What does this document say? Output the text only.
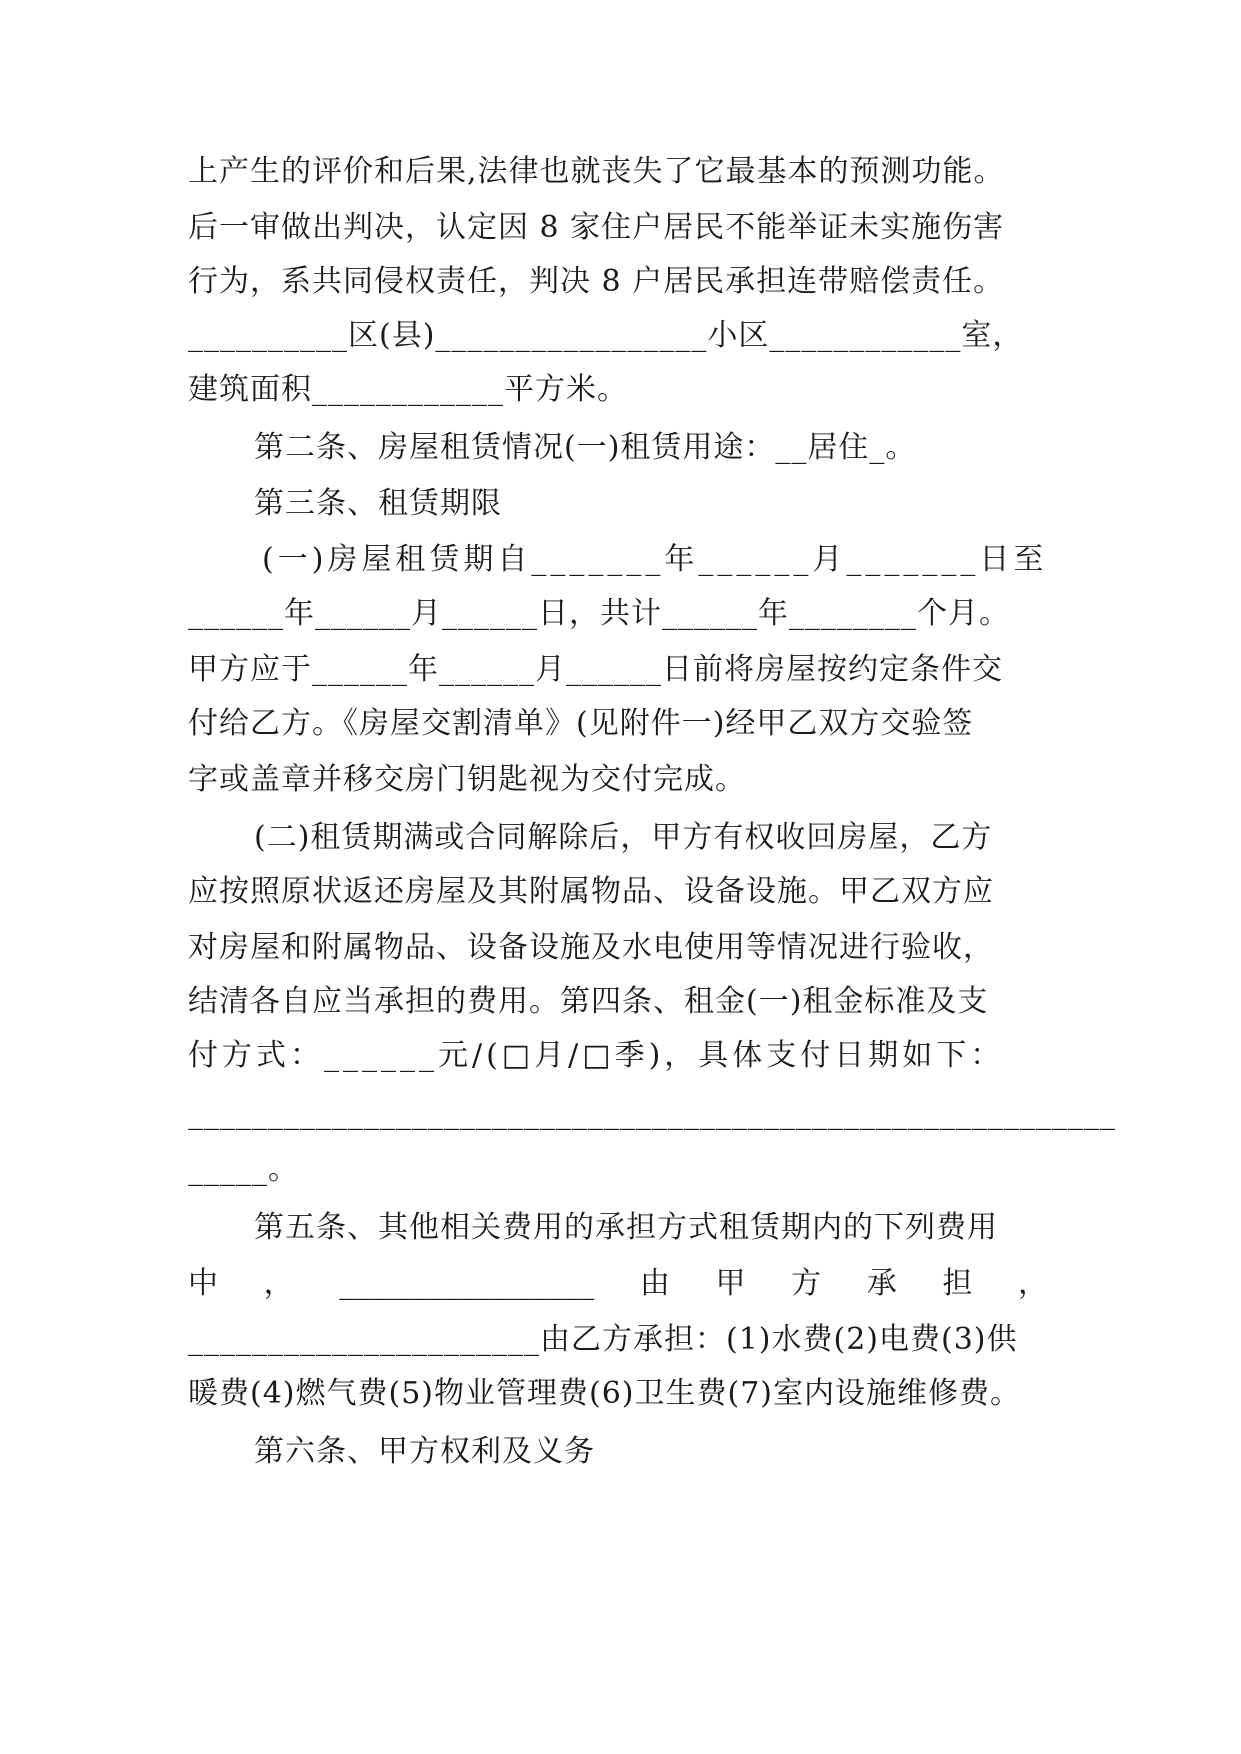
上产生的评价和后果,法律也就丧失了它最基本的预测功能。
后一审做出判决，认定因 8 家住户居民不能举证未实施伤害
行为，系共同侵权责任，判决 8 户居民承担连带赔偿责任。
__________区(县)_________________小区____________室，
建筑面积____________平方米。
第二条、房屋租赁情况(一)租赁用途：__居住_。
第三条、租赁期限
(一)房屋租赁期自_______年______月_______日至
______年______月______日，共计______年________个月。
甲方应于______年______月______日前将房屋按约定条件交
付给乙方。《房屋交割清单》(见附件一)经甲乙双方交验签
字或盖章并移交房门钥匙视为交付完成。
(二)租赁期满或合同解除后，甲方有权收回房屋，乙方
应按照原状返还房屋及其附属物品、设备设施。甲乙双方应
对房屋和附属物品、设备设施及水电使用等情况进行验收，
结清各自应当承担的费用。第四条、租金(一)租金标准及支
付方式：______元/(□月/□季)，具体支付日期如下：
__________________________________________________________
_____。
第五条、其他相关费用的承担方式租赁期内的下列费用
中 ， _________________ 由 甲 方 承 担 ，
______________________由乙方承担：(1)水费(2)电费(3)供
暖费(4)燃气费(5)物业管理费(6)卫生费(7)室内设施维修费。
第六条、甲方权利及义务
